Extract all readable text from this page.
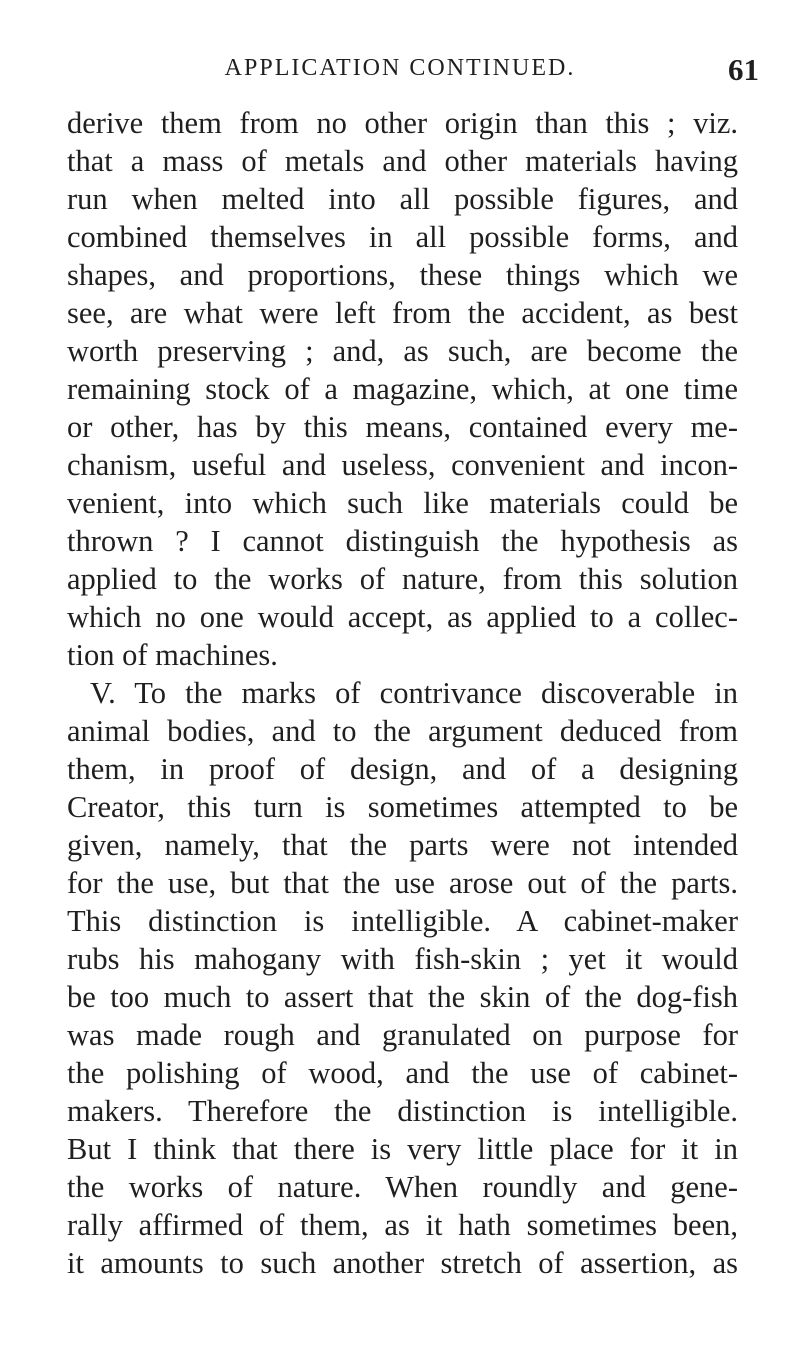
APPLICATION CONTINUED.	61
derive them from no other origin than this ; viz.
that a mass of metals and other materials having
run when melted into all possible figures, and
combined themselves in all possible forms, and
shapes, and proportions, these things which we
see, are what were left from the accident, as best
worth preserving ; and, as such, are become the
remaining stock of a magazine, which, at one time
or other, has by this means, contained every me-
chanism, useful and useless, convenient and incon-
venient, into which such like materials could be
thrown ? I cannot distinguish the hypothesis as
applied to the works of nature, from this solution
which no one would accept, as applied to a collec-
tion of machines.
V. To the marks of contrivance discoverable in
animal bodies, and to the argument deduced from
them, in proof of design, and of a designing
Creator, this turn is sometimes attempted to be
given, namely, that the parts were not intended
for the use, but that the use arose out of the parts.
This distinction is intelligible. A cabinet-maker
rubs his mahogany with fish-skin ; yet it would
be too much to assert that the skin of the dog-fish
was made rough and granulated on purpose for
the polishing of wood, and the use of cabinet-
makers. Therefore the distinction is intelligible.
But I think that there is very little place for it in
the works of nature. When roundly and gene-
rally affirmed of them, as it hath sometimes been,
it amounts to such another stretch of assertion, as
